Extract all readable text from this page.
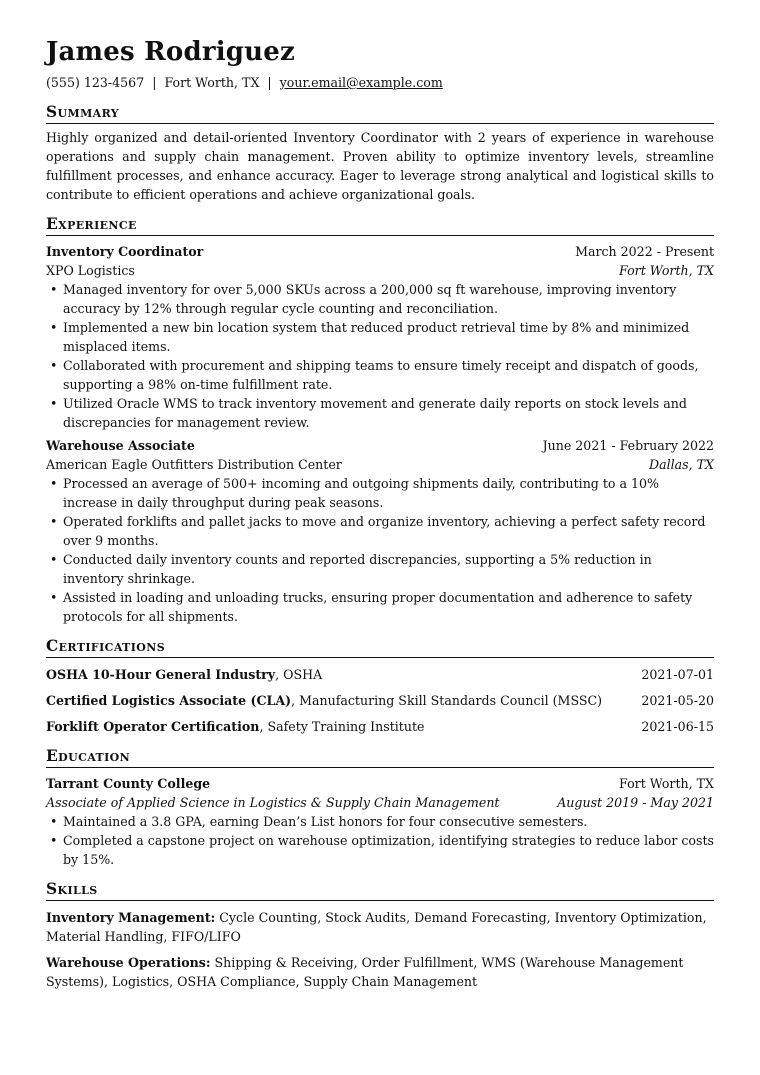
James Rodriguez
(555) 123-4567 | Fort Worth, TX | your.email@example.com
Summary
Highly organized and detail-oriented Inventory Coordinator with 2 years of experience in warehouse operations and supply chain management. Proven ability to optimize inventory levels, streamline fulfillment processes, and enhance accuracy. Eager to leverage strong analytical and logistical skills to contribute to efficient operations and achieve organizational goals.
Experience
Inventory Coordinator	March 2022 - Present
XPO Logistics	Fort Worth, TX
• Managed inventory for over 5,000 SKUs across a 200,000 sq ft warehouse, improving inventory accuracy by 12% through regular cycle counting and reconciliation.
• Implemented a new bin location system that reduced product retrieval time by 8% and minimized misplaced items.
• Collaborated with procurement and shipping teams to ensure timely receipt and dispatch of goods, supporting a 98% on-time fulfillment rate.
• Utilized Oracle WMS to track inventory movement and generate daily reports on stock levels and discrepancies for management review.
Warehouse Associate	June 2021 - February 2022
American Eagle Outfitters Distribution Center	Dallas, TX
• Processed an average of 500+ incoming and outgoing shipments daily, contributing to a 10% increase in daily throughput during peak seasons.
• Operated forklifts and pallet jacks to move and organize inventory, achieving a perfect safety record over 9 months.
• Conducted daily inventory counts and reported discrepancies, supporting a 5% reduction in inventory shrinkage.
• Assisted in loading and unloading trucks, ensuring proper documentation and adherence to safety protocols for all shipments.
Certifications
OSHA 10-Hour General Industry, OSHA	2021-07-01
Certified Logistics Associate (CLA), Manufacturing Skill Standards Council (MSSC)	2021-05-20
Forklift Operator Certification, Safety Training Institute	2021-06-15
Education
Tarrant County College	Fort Worth, TX
Associate of Applied Science in Logistics & Supply Chain Management	August 2019 - May 2021
• Maintained a 3.8 GPA, earning Dean’s List honors for four consecutive semesters.
• Completed a capstone project on warehouse optimization, identifying strategies to reduce labor costs by 15%.
Skills
Inventory Management: Cycle Counting, Stock Audits, Demand Forecasting, Inventory Optimization, Material Handling, FIFO/LIFO
Warehouse Operations: Shipping & Receiving, Order Fulfillment, WMS (Warehouse Management Systems), Logistics, OSHA Compliance, Supply Chain Management
